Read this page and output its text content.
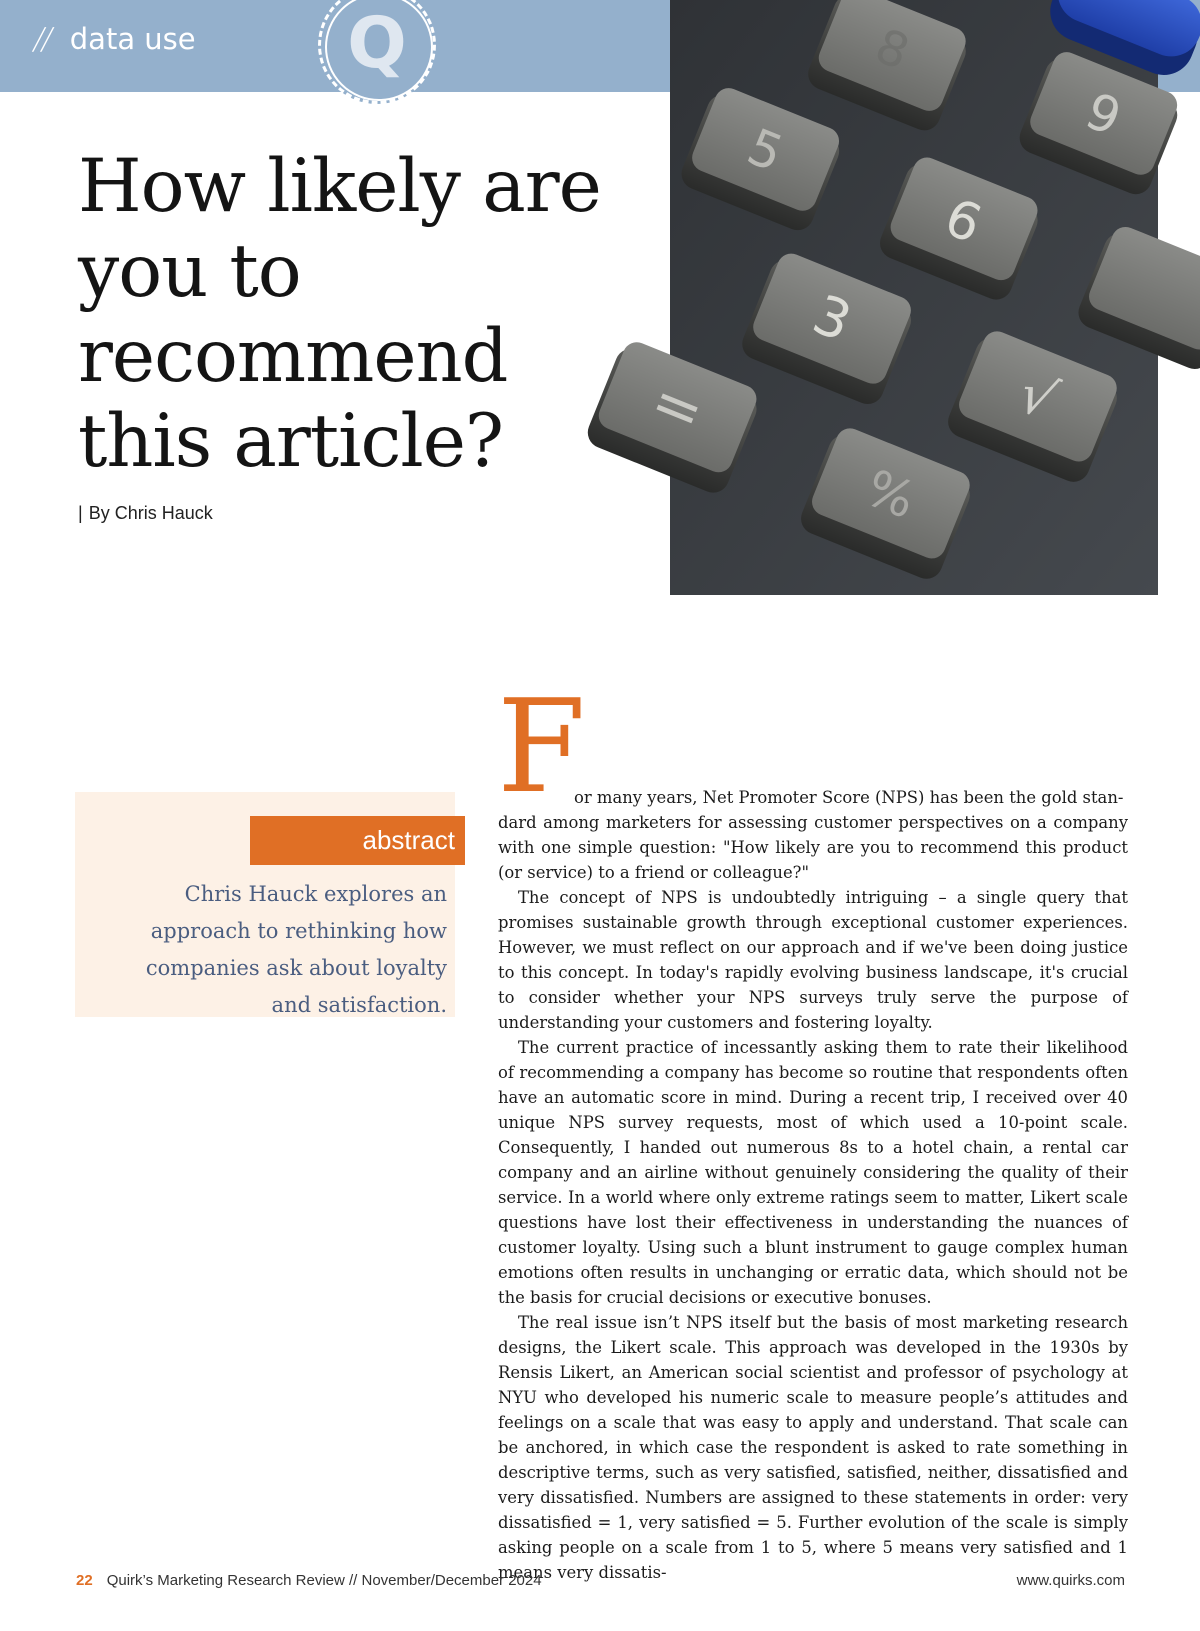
// data use Q	8
9
5
6
3
√
=
%
How likely are you to recommend this article?
| By Chris Hauck
abstract
Chris Hauck explores an approach to rethinking how companies ask about loyalty and satisfaction.
F

or many years, Net Promoter Score (NPS) has been the gold stan-

dard among marketers for assessing customer perspectives on a company with one simple question: "How likely are you to recommend this product (or service) to a friend or colleague?"

The concept of NPS is undoubtedly intriguing – a single query that promises sustainable growth through exceptional customer experiences. However, we must reflect on our approach and if we've been doing justice to this concept. In today's rapidly evolving business landscape, it's crucial to consider whether your NPS surveys truly serve the purpose of understanding your customers and fostering loyalty.

The current practice of incessantly asking them to rate their likelihood of recommending a company has become so routine that respondents often have an automatic score in mind. During a recent trip, I received over 40 unique NPS survey requests, most of which used a 10-point scale. Consequently, I handed out numerous 8s to a hotel chain, a rental car company and an airline without genuinely considering the quality of their service. In a world where only extreme ratings seem to matter, Likert scale questions have lost their effectiveness in understanding the nuances of customer loyalty. Using such a blunt instrument to gauge complex human emotions often results in unchanging or erratic data, which should not be the basis for crucial decisions or executive bonuses.

The real issue isn’t NPS itself but the basis of most marketing research designs, the Likert scale. This approach was developed in the 1930s by Rensis Likert, an American social scientist and professor of psychology at NYU who developed his numeric scale to measure people’s attitudes and feelings on a scale that was easy to apply and understand. That scale can be anchored, in which case the respondent is asked to rate something in descriptive terms, such as very satisfied, satisfied, neither, dissatisfied and very dissatisfied. Numbers are assigned to these statements in order: very dissatisfied = 1, very satisfied = 5. Further evolution of the scale is simply asking people on a scale from 1 to 5, where 5 means very satisfied and 1 means very dissatis-

22 Quirk’s Marketing Research Review // November/December 2024	www.quirks.com
